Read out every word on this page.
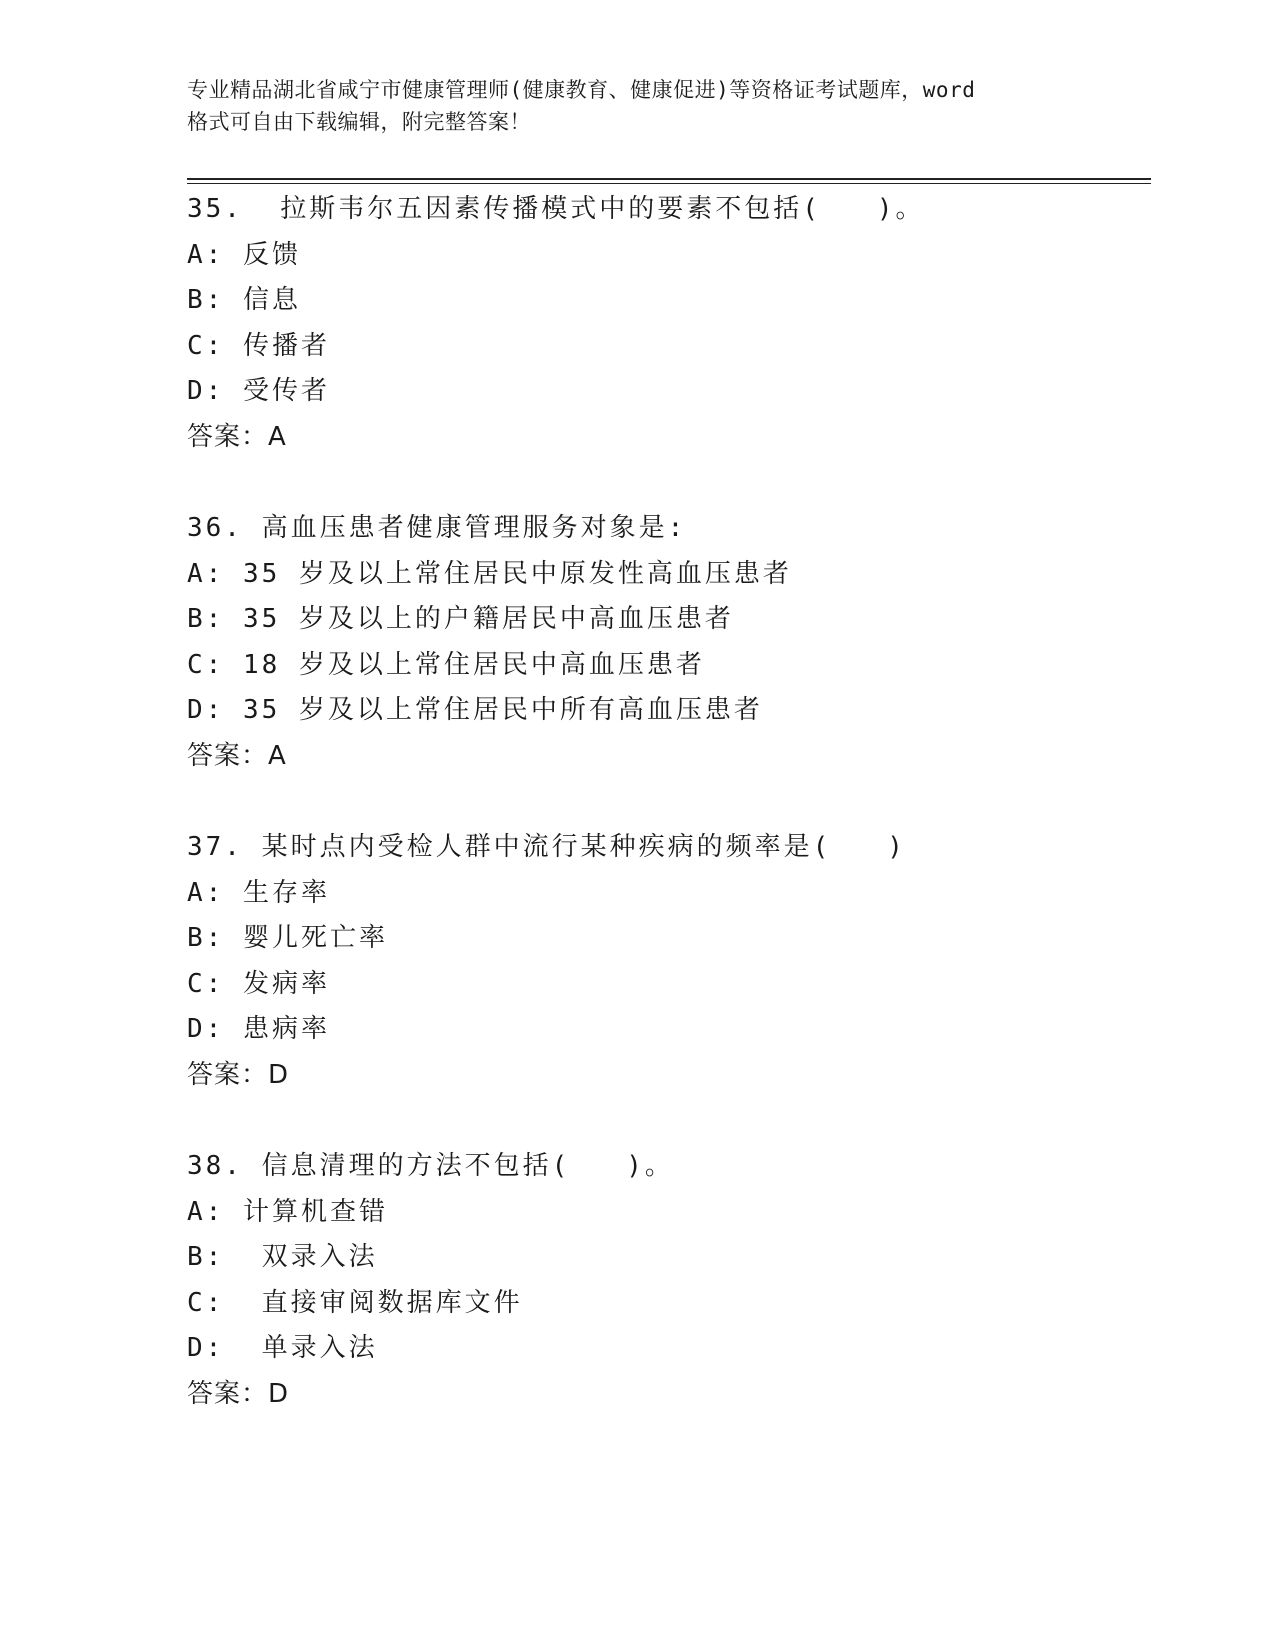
专业精品湖北省咸宁市健康管理师(健康教育、健康促进)等资格证考试题库，word
格式可自由下载编辑，附完整答案！
35.  拉斯韦尔五因素传播模式中的要素不包括(   )。
A: 反馈
B: 信息
C: 传播者
D: 受传者
答案：A
36. 高血压患者健康管理服务对象是:
A: 35 岁及以上常住居民中原发性高血压患者
B: 35 岁及以上的户籍居民中高血压患者
C: 18 岁及以上常住居民中高血压患者
D: 35 岁及以上常住居民中所有高血压患者
答案：A
37. 某时点内受检人群中流行某种疾病的频率是(   )
A: 生存率
B: 婴儿死亡率
C: 发病率
D: 患病率
答案：D
38. 信息清理的方法不包括(   )。
A: 计算机查错
B:  双录入法
C:  直接审阅数据库文件
D:  单录入法
答案：D
